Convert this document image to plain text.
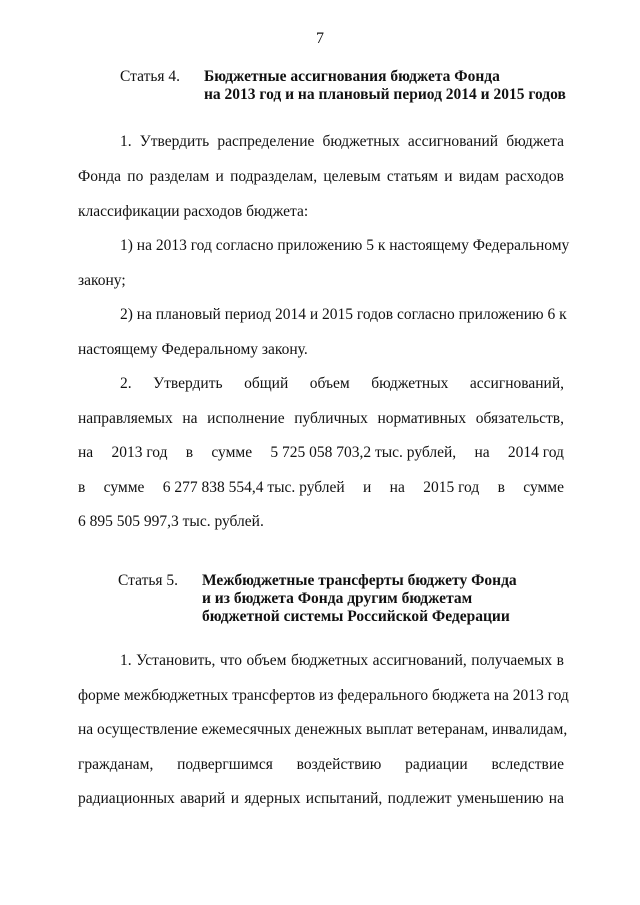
7
Статья 4. Бюджетные ассигнования бюджета Фонда
на 2013 год и на плановый период 2014 и 2015 годов
1. Утвердить распределение бюджетных ассигнований бюджета
Фонда по разделам и подразделам, целевым статьям и видам расходов
классификации расходов бюджета:
1) на 2013 год согласно приложению 5 к настоящему Федеральному
закону;
2) на плановый период 2014 и 2015 годов согласно приложению 6 к
настоящему Федеральному закону.
2. Утвердить общий объем бюджетных ассигнований,
направляемых на исполнение публичных нормативных обязательств,
на 2013 год в сумме 5 725 058 703,2 тыс. рублей, на 2014 год
в сумме 6 277 838 554,4 тыс. рублей и на 2015 год в сумме
6 895 505 997,3 тыс. рублей.
Статья 5. Межбюджетные трансферты бюджету Фонда
и из бюджета Фонда другим бюджетам
бюджетной системы Российской Федерации
1. Установить, что объем бюджетных ассигнований, получаемых в
форме межбюджетных трансфертов из федерального бюджета на 2013 год
на осуществление ежемесячных денежных выплат ветеранам, инвалидам,
гражданам, подвергшимся воздействию радиации вследствие
радиационных аварий и ядерных испытаний, подлежит уменьшению на
